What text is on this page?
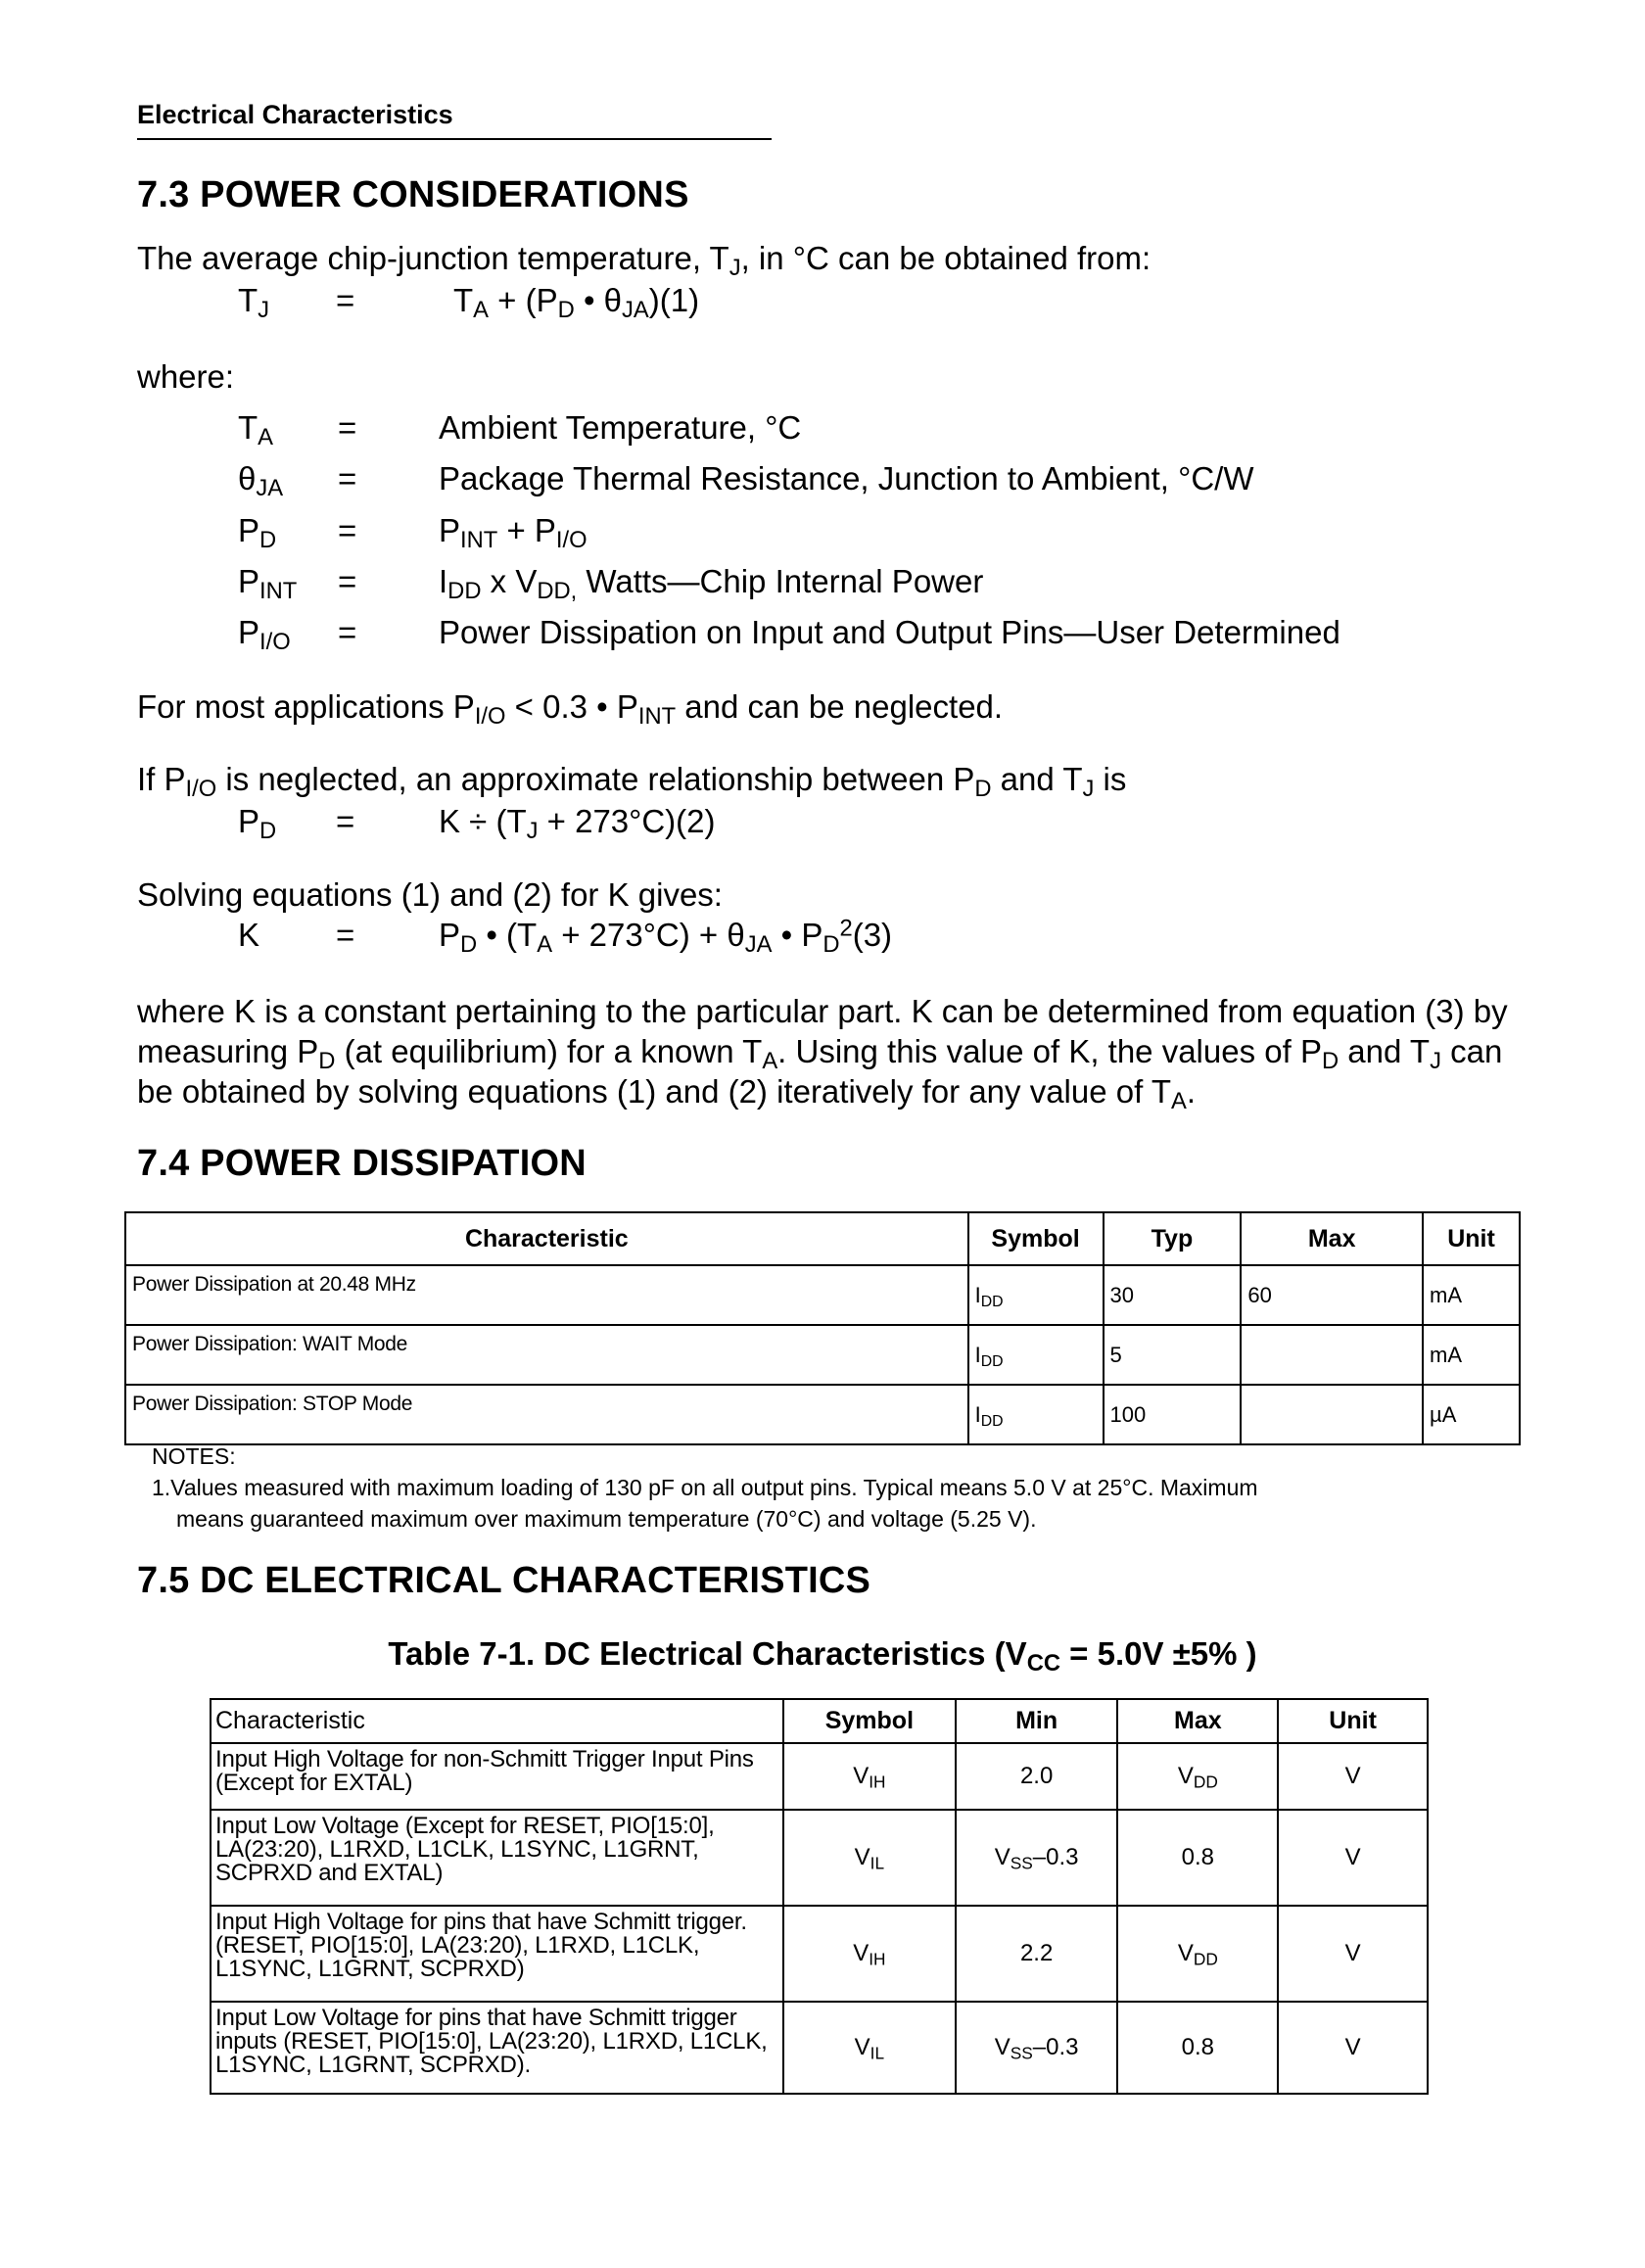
Electrical Characteristics
7.3 POWER CONSIDERATIONS
The average chip-junction temperature, $T_J$, in °C can be obtained from:
$T_J$ =	$T_A + (P_D$ • $\theta_{JA})(1)$
where:
$T_A$ =	Ambient Temperature, °C
$\theta_{JA}$ =	Package Thermal Resistance, Junction to Ambient, °C/W
$P_D$ =	$P_{INT} + P_{I/O}$
$P_{INT}$ =	$I_{DD}$ x $V_{DD,}$ Watts—Chip Internal Power
$P_{I/O}$ =	Power Dissipation on Input and Output Pins—User Determined
For most applications $P_{I/O} < 0.3$ • $P_{INT}$ and can be neglected.
If $P_{I/O}$ is neglected, an approximate relationship between $P_D$ and $T_J$ is
$P_D$ =	$K \div (T_J + 273^\circ C)(2)$
Solving equations (1) and (2) for K gives:
K =	$P_D$ • $(T_A + 273^\circ C) + \theta_{JA}$ • $P_D^2(3)$
where K is a constant pertaining to the particular part. K can be determined from equation (3) by measuring $P_D$ (at equilibrium) for a known $T_A$. Using this value of K, the values of $P_D$ and $T_J$ can be obtained by solving equations (1) and (2) iteratively for any value of $T_A$.
7.4 POWER DISSIPATION
Characteristic	Symbol	Typ	Max	Unit
Power Dissipation at 20.48 MHz	$I_{DD}$	30	60	mA
Power Dissipation: WAIT Mode	$I_{DD}$	5		mA
Power Dissipation: STOP Mode	$I_{DD}$	100		µA
NOTES:
1.Values measured with maximum loading of 130 pF on all output pins. Typical means 5.0 V at 25°C. Maximum
means guaranteed maximum over maximum temperature (70°C) and voltage (5.25 V).
7.5 DC ELECTRICAL CHARACTERISTICS
Table 7-1. DC Electrical Characteristics ($V_{CC} = 5.0V \pm 5\%$ )
Characteristic	Symbol	Min	Max	Unit
Input High Voltage for non-Schmitt Trigger Input Pins (Except for EXTAL)	$V_{IH}$	2.0	$V_{DD}$	V
Input Low Voltage (Except for RESET, PIO[15:0], LA(23:20), L1RXD, L1CLK, L1SYNC, L1GRNT, SCPRXD and EXTAL)	$V_{IL}$	$V_{SS}-0.3$	0.8	V
Input High Voltage for pins that have Schmitt trigger. (RESET, PIO[15:0], LA(23:20), L1RXD, L1CLK, L1SYNC, L1GRNT, SCPRXD)	$V_{IH}$	2.2	$V_{DD}$	V
Input Low Voltage for pins that have Schmitt trigger inputs (RESET, PIO[15:0], LA(23:20), L1RXD, L1CLK, L1SYNC, L1GRNT, SCPRXD).	$V_{IL}$	$V_{SS}-0.3$	0.8	V
